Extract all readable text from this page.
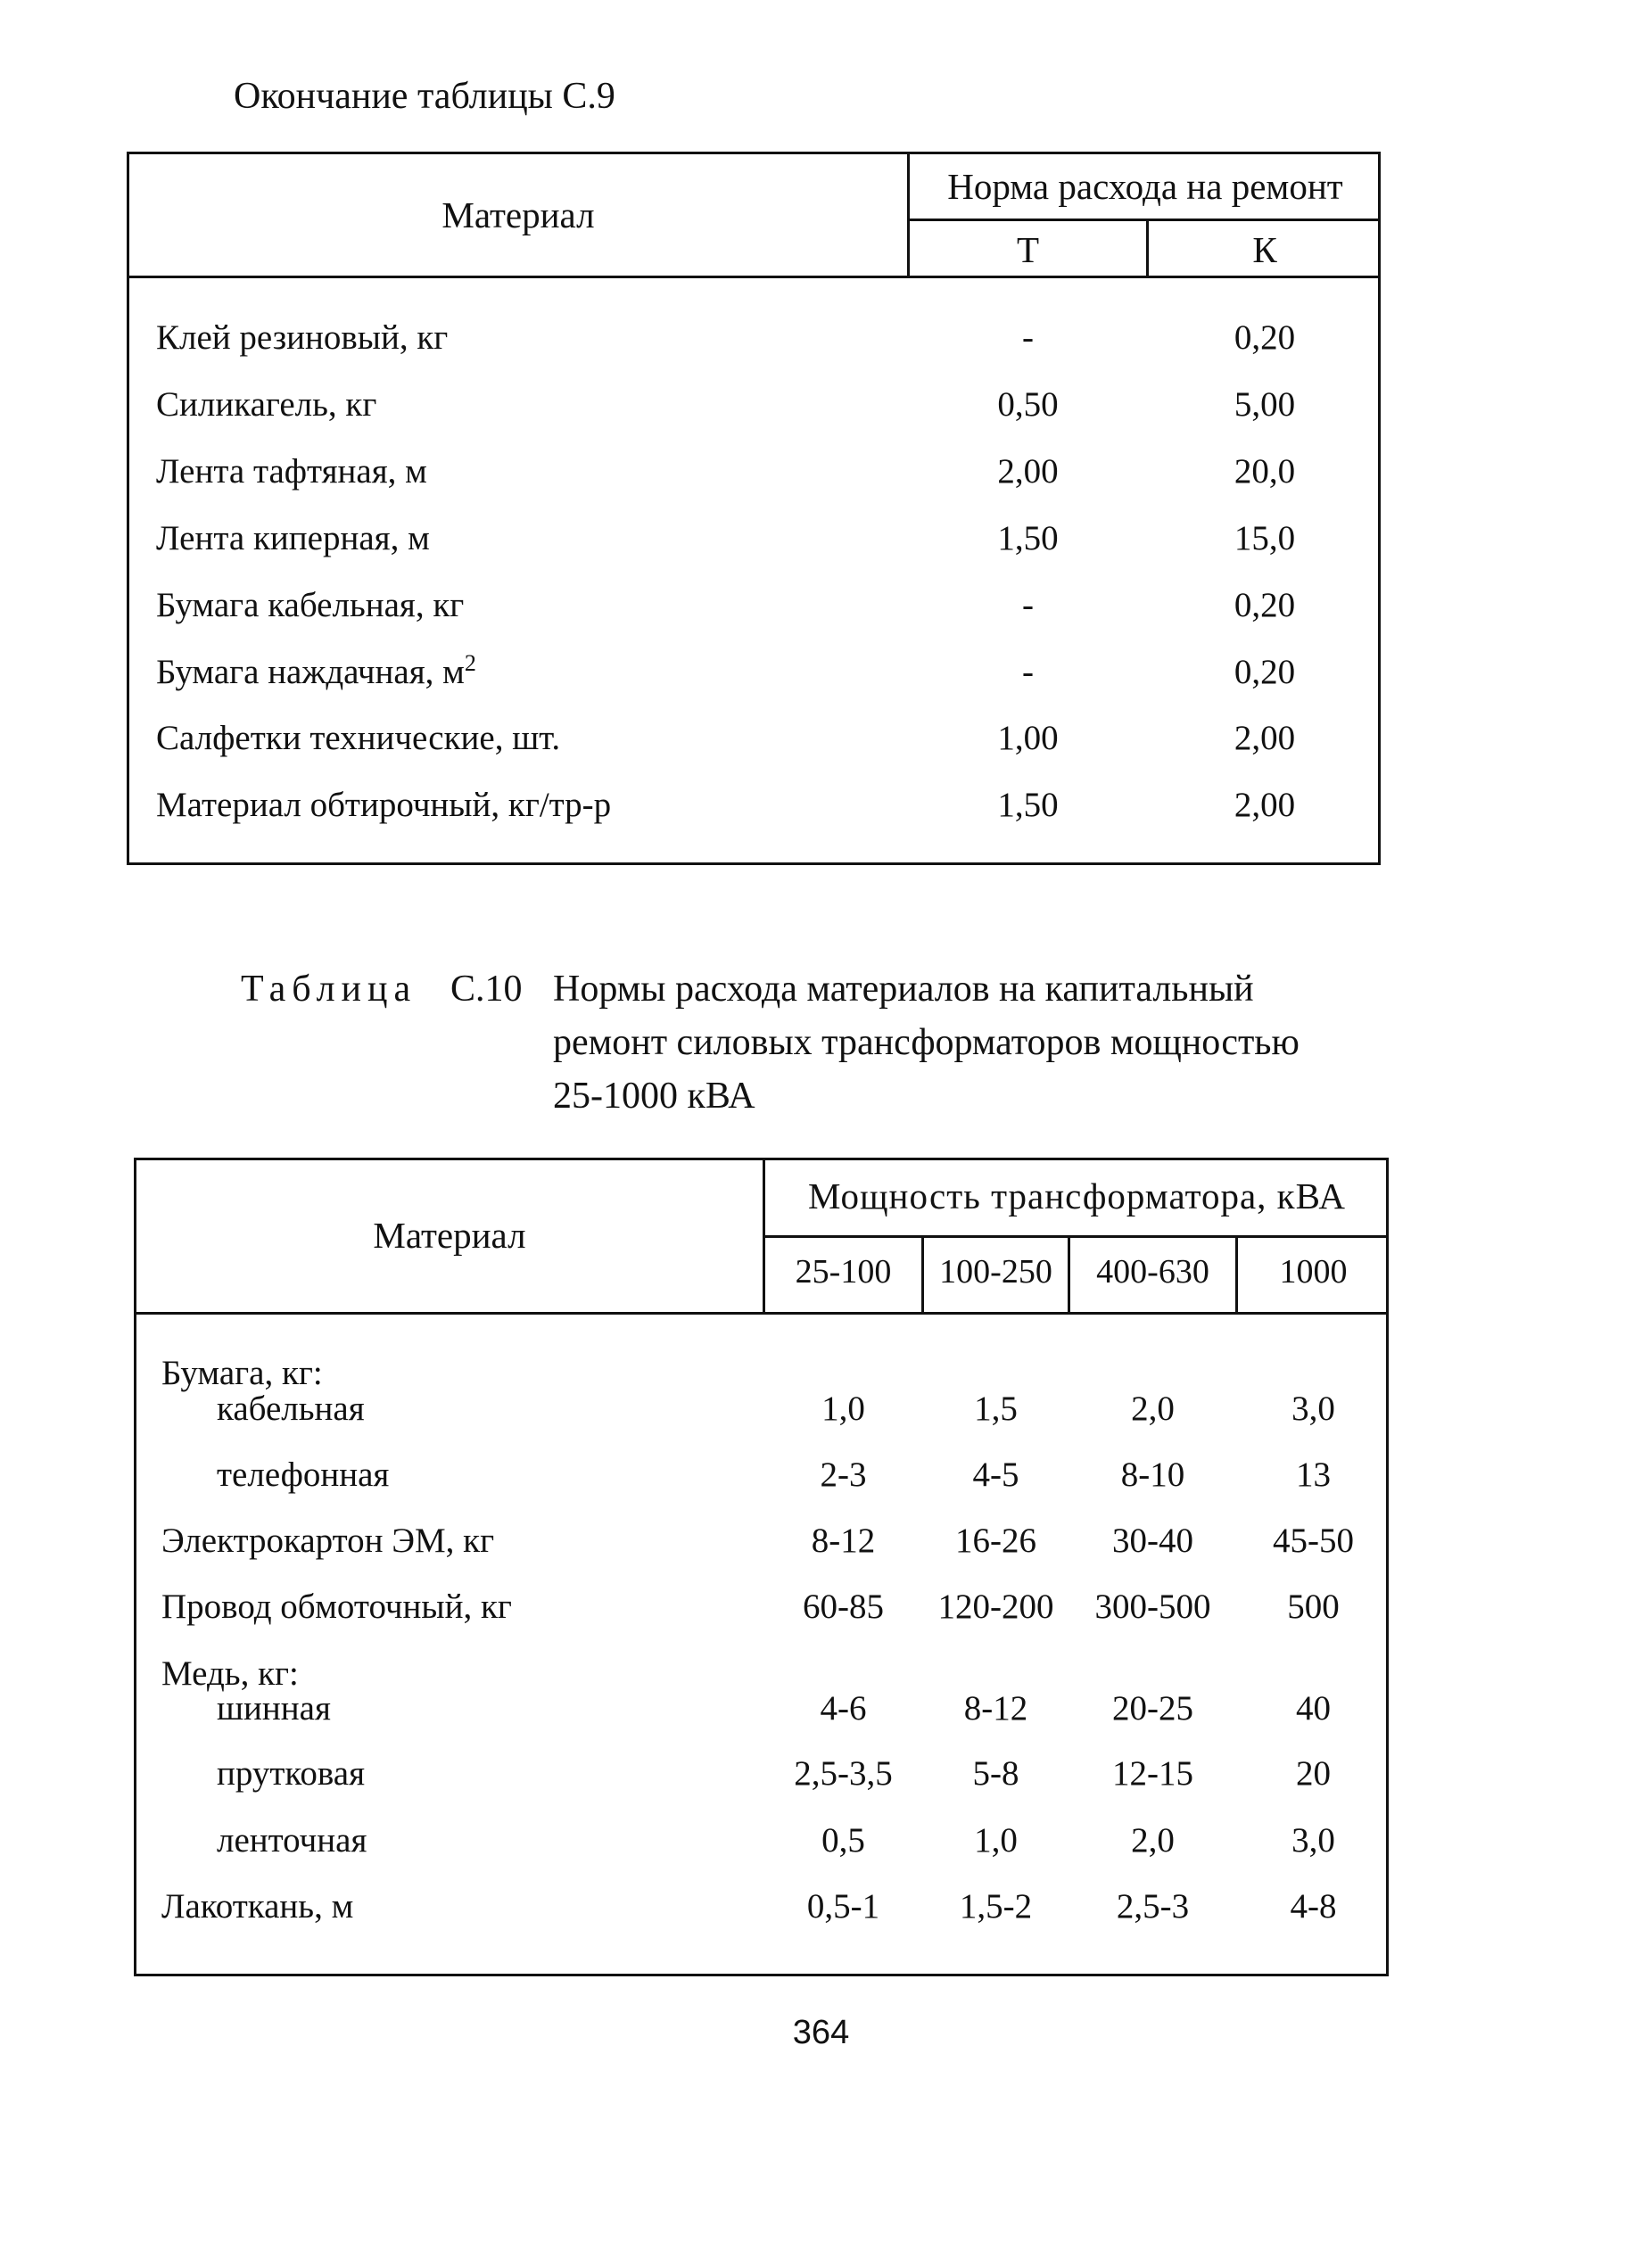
Окончание таблицы С.9
Материал
Норма расхода на ремонт
Т	К
Клей резиновый, кг	-	0,20
Силикагель, кг	0,50	5,00
Лента тафтяная, м	2,00	20,0
Лента киперная, м	1,50	15,0
Бумага кабельная, кг	-	0,20
Бумага наждачная, $м^2$	-	0,20
Салфетки технические, шт.	1,00	2,00
Материал обтирочный, кг/тр-р	1,50	2,00
Таблица С.10 Нормы расхода материалов на капитальный
ремонт силовых трансформаторов мощностью
25-1000 кВА
Материал
Мощность трансформатора, кВА
25-100	100-250	400-630	1000
Бумага, кг:
кабельная	1,0	1,5	2,0	3,0
телефонная	2-3	4-5	8-10	13
Электрокартон ЭМ, кг	8-12	16-26	30-40	45-50
Провод обмоточный, кг	60-85	120-200	300-500	500
Медь, кг:
шинная	4-6	8-12	20-25	40
прутковая	2,5-3,5	5-8	12-15	20
ленточная	0,5	1,0	2,0	3,0
Лакоткань, м	0,5-1	1,5-2	2,5-3	4-8
364
